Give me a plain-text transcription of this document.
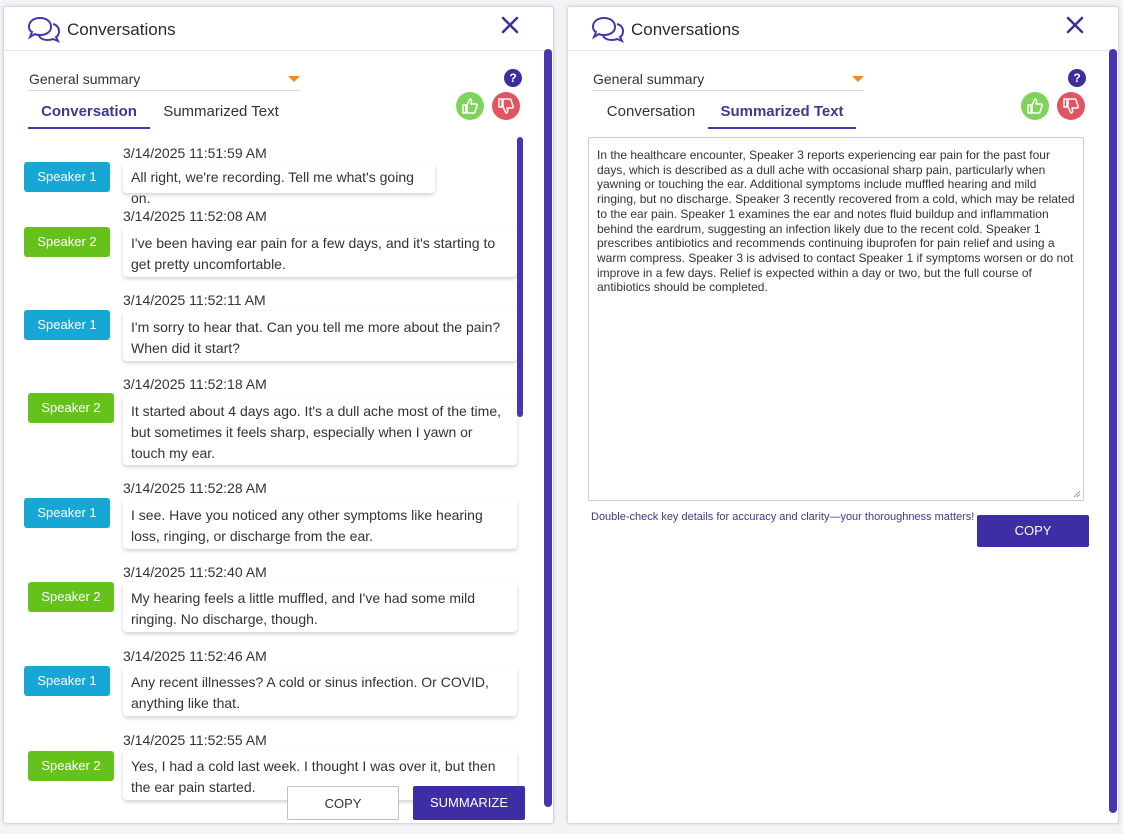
Conversations
General summary	?
Conversation	Summarized Text
3/14/2025 11:51:59 AM
Speaker 1	All right, we're recording. Tell me what's going on.
3/14/2025 11:52:08 AM
Speaker 2	I've been having ear pain for a few days, and it's starting to get pretty uncomfortable.
3/14/2025 11:52:11 AM
Speaker 1	I'm sorry to hear that. Can you tell me more about the pain? When did it start?
3/14/2025 11:52:18 AM
Speaker 2	It started about 4 days ago. It's a dull ache most of the time, but sometimes it feels sharp, especially when I yawn or touch my ear.
3/14/2025 11:52:28 AM
Speaker 1	I see. Have you noticed any other symptoms like hearing loss, ringing, or discharge from the ear.
3/14/2025 11:52:40 AM
Speaker 2	My hearing feels a little muffled, and I've had some mild ringing. No discharge, though.
3/14/2025 11:52:46 AM
Speaker 1	Any recent illnesses? A cold or sinus infection. Or COVID, anything like that.
3/14/2025 11:52:55 AM
Speaker 2	Yes, I had a cold last week. I thought I was over it, but then the ear pain started.
COPY	SUMMARIZE
Conversations
General summary	?
Conversation	Summarized Text
In the healthcare encounter, Speaker 3 reports experiencing ear pain for the past four days, which is described as a dull ache with occasional sharp pain, particularly when yawning or touching the ear. Additional symptoms include muffled hearing and mild ringing, but no discharge. Speaker 3 recently recovered from a cold, which may be related to the ear pain. Speaker 1 examines the ear and notes fluid buildup and inflammation behind the eardrum, suggesting an infection likely due to the recent cold. Speaker 1 prescribes antibiotics and recommends continuing ibuprofen for pain relief and using a warm compress. Speaker 3 is advised to contact Speaker 1 if symptoms worsen or do not improve in a few days. Relief is expected within a day or two, but the full course of antibiotics should be completed.
Double-check key details for accuracy and clarity—your thoroughness matters!
COPY
